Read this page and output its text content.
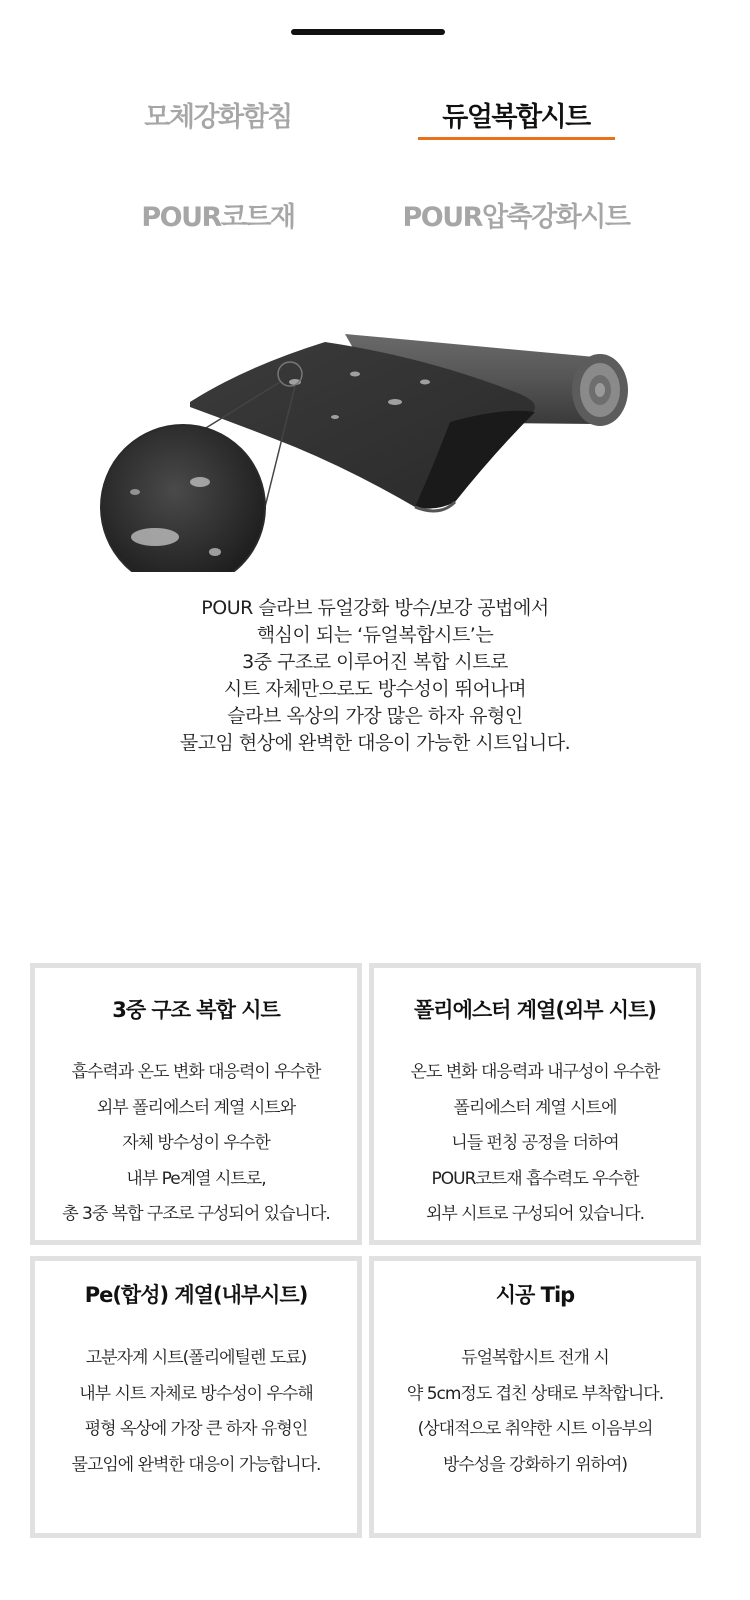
모체강화함침	듀얼복합시트
POUR코트재	POUR압축강화시트
POUR 슬라브 듀얼강화 방수/보강 공법에서
핵심이 되는 ‘듀얼복합시트’는
3중 구조로 이루어진 복합 시트로
시트 자체만으로도 방수성이 뛰어나며
슬라브 옥상의 가장 많은 하자 유형인
물고임 현상에 완벽한 대응이 가능한 시트입니다.
3중 구조 복합 시트
흡수력과 온도 변화 대응력이 우수한
외부 폴리에스터 계열 시트와
자체 방수성이 우수한
내부 Pe계열 시트로,
총 3중 복합 구조로 구성되어 있습니다.
폴리에스터 계열(외부 시트)
온도 변화 대응력과 내구성이 우수한
폴리에스터 계열 시트에
니들 펀칭 공정을 더하여
POUR코트재 흡수력도 우수한
외부 시트로 구성되어 있습니다.
Pe(합성) 계열(내부시트)
고분자계 시트(폴리에틸렌 도료)
내부 시트 자체로 방수성이 우수해
평형 옥상에 가장 큰 하자 유형인
물고임에 완벽한 대응이 가능합니다.
시공 Tip
듀얼복합시트 전개 시
약 5cm정도 겹친 상태로 부착합니다.
(상대적으로 취약한 시트 이음부의
방수성을 강화하기 위하여)
